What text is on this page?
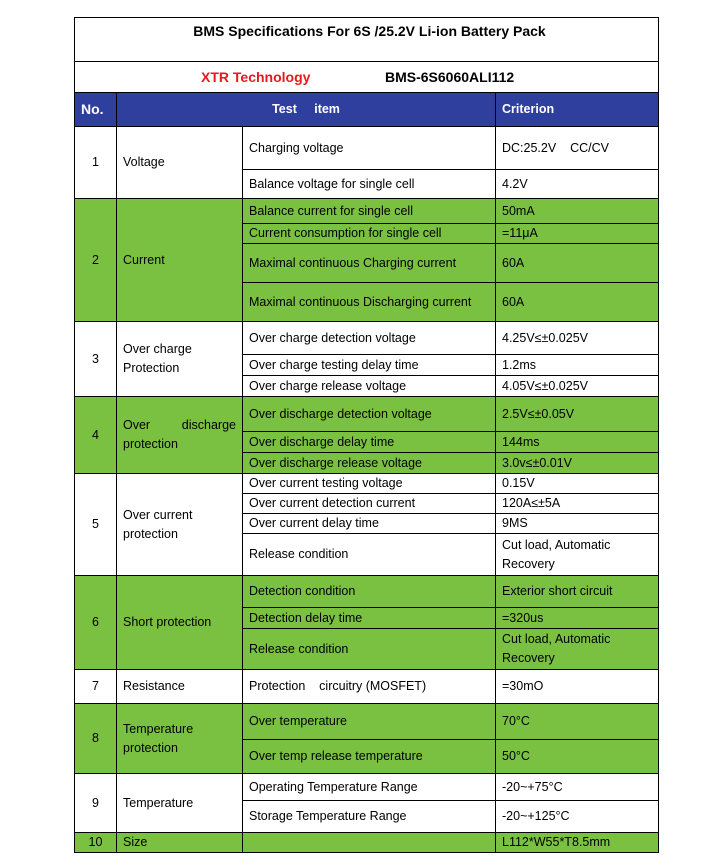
BMS Specifications For 6S /25.2V Li-ion Battery Pack			

XTR Technology BMS-6S6060ALI112			

No.	Test     item		Criterion
1	Voltage	Charging voltage	DC:25.2V    CC/CV
		Balance voltage for single cell	4.2V
2	Current	Balance current for single cell	50mA
		Current consumption for single cell	=11μA
		Maximal continuous Charging current	60A
		Maximal continuous Discharging current	60A
3	Over charge Protection	Over charge detection voltage	4.25V≤±0.025V
		Over charge testing delay time	1.2ms
		Over charge release voltage	4.05V≤±0.025V
4	Over discharge protection	Over discharge detection voltage	2.5V≤±0.05V
		Over discharge delay time	144ms
		Over discharge release voltage	3.0v≤±0.01V
5	Over current protection	Over current testing voltage	0.15V
		Over current detection current	120A≤±5A
		Over current delay time	9MS
		Release condition	Cut load, Automatic Recovery
6	Short protection	Detection condition	Exterior short circuit
		Detection delay time	=320us
		Release condition	Cut load, Automatic Recovery
7	Resistance	Protection    circuitry (MOSFET)	=30mO
8	Temperature protection	Over temperature	70°C
		Over temp release temperature	50°C
9	Temperature	Operating Temperature Range	-20~+75°C
		Storage Temperature Range	-20~+125°C
10	Size		L112*W55*T8.5mm
